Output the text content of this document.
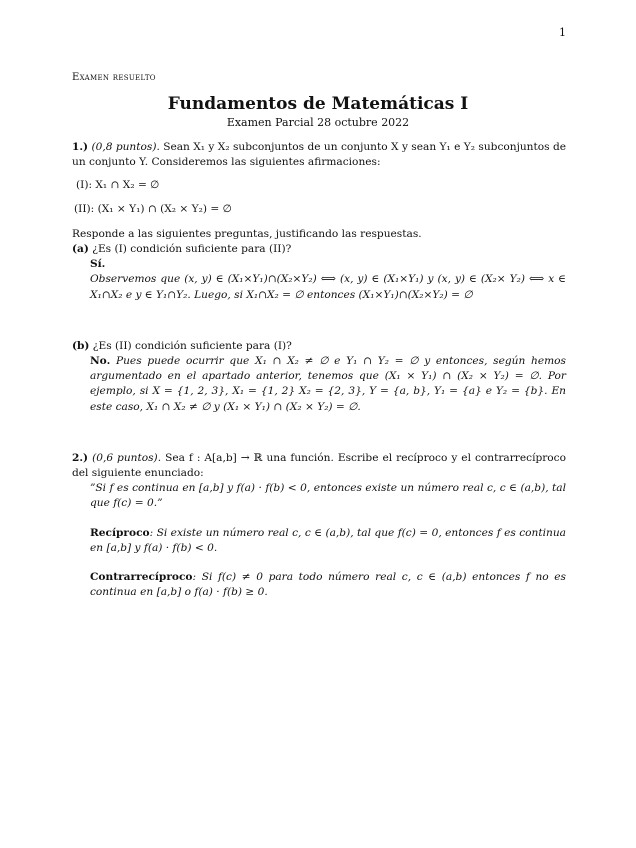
1
Examen resuelto
Fundamentos de Matemáticas I
Examen Parcial 28 octubre 2022

1.) (0,8 puntos). Sean X₁ y X₂ subconjuntos de un conjunto X y sean Y₁ e Y₂ subconjuntos de un conjunto Y. Consideremos las siguientes afirmaciones:

(I): X₁ ∩ X₂ = ∅

(II): (X₁ × Y₁) ∩ (X₂ × Y₂) = ∅

Responde a las siguientes preguntas, justificando las respuestas.

(a) ¿Es (I) condición suficiente para (II)?

Sí.

Observemos que (x, y) ∈ (X₁×Y₁)∩(X₂×Y₂) ⟺ (x, y) ∈ (X₁×Y₁) y (x, y) ∈ (X₂× Y₂) ⟺ x ∈ X₁∩X₂ e y ∈ Y₁∩Y₂. Luego, si X₁∩X₂ = ∅ entonces (X₁×Y₁)∩(X₂×Y₂) = ∅

(b) ¿Es (II) condición suficiente para (I)?

No. Pues puede ocurrir que X₁ ∩ X₂ ≠ ∅ e Y₁ ∩ Y₂ = ∅ y entonces, según hemos argumentado en el apartado anterior, tenemos que (X₁ × Y₁) ∩ (X₂ × Y₂) = ∅. Por ejemplo, si X = {1, 2, 3}, X₁ = {1, 2} X₂ = {2, 3}, Y = {a, b}, Y₁ = {a} e Y₂ = {b}. En este caso, X₁ ∩ X₂ ≠ ∅ y (X₁ × Y₁) ∩ (X₂ × Y₂) = ∅.

2.) (0,6 puntos). Sea f : A[a,b] → ℝ una función. Escribe el recíproco y el contrarrecíproco del siguiente enunciado:

”Si f es continua en [a,b] y f(a) · f(b) < 0, entonces existe un número real c, c ∈ (a,b), tal que f(c) = 0.”

Recíproco: Si existe un número real c, c ∈ (a,b), tal que f(c) = 0, entonces f es continua en [a,b] y f(a) · f(b) < 0.

Contrarrecíproco: Si f(c) ≠ 0 para todo número real c, c ∈ (a,b) entonces f no es continua en [a,b] o f(a) · f(b) ≥ 0.
